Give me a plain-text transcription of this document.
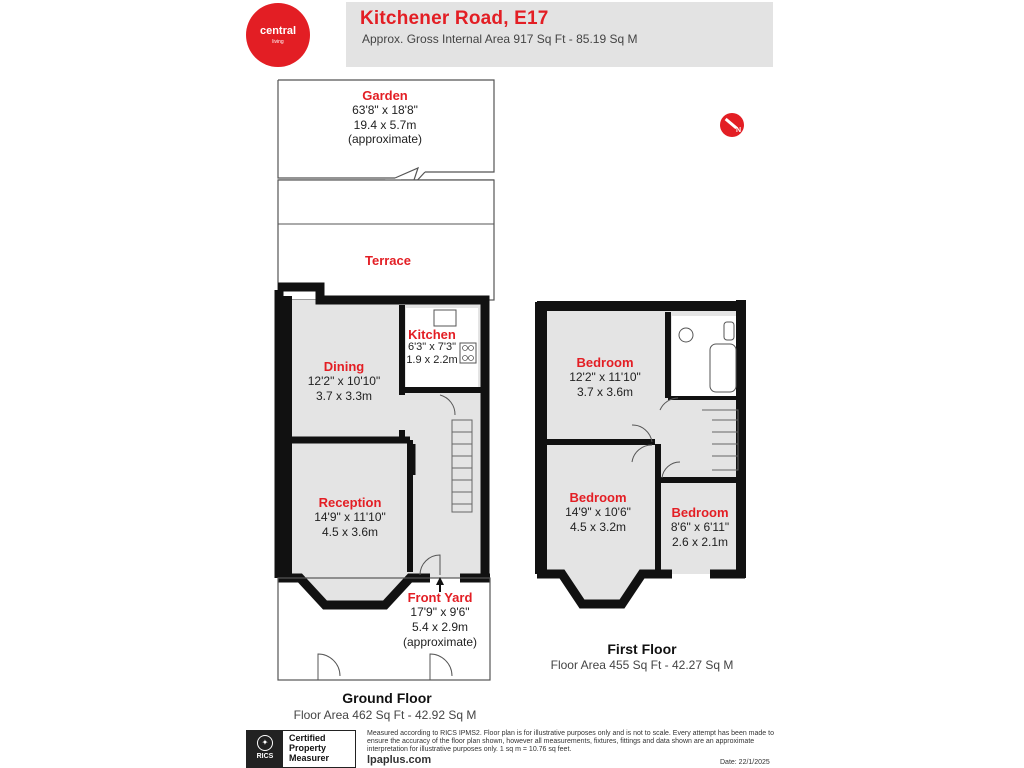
central
living
Kitchener Road, E17
Approx. Gross Internal Area 917 Sq Ft - 85.19 Sq M
N
Garden
63'8" x 18'8"
19.4 x 5.7m
(approximate)
Terrace
Kitchen
6'3" x 7'3"
1.9 x 2.2m
Dining
12'2" x 10'10"
3.7 x 3.3m
Reception
14'9" x 11'10"
4.5 x 3.6m
Front Yard
17'9" x 9'6"
5.4 x 2.9m
(approximate)
Ground Floor
Floor Area 462 Sq Ft - 42.92 Sq M
Bedroom
12'2" x 11'10"
3.7 x 3.6m
Bedroom
14'9" x 10'6"
4.5 x 3.2m
Bedroom
8'6" x 6'11"
2.6 x 2.1m
First Floor
Floor Area 455 Sq Ft - 42.27 Sq M
✦
RICS
Certified
Property
Measurer
Measured according to RICS IPMS2. Floor plan is for illustrative purposes only and is not to scale. Every attempt has been made to ensure the accuracy of the floor plan shown, however all measurements, fixtures, fittings and data shown are an approximate interpretation for illustrative purposes only. 1 sq m = 10.76 sq feet.
lpaplus.com	Date: 22/1/2025
